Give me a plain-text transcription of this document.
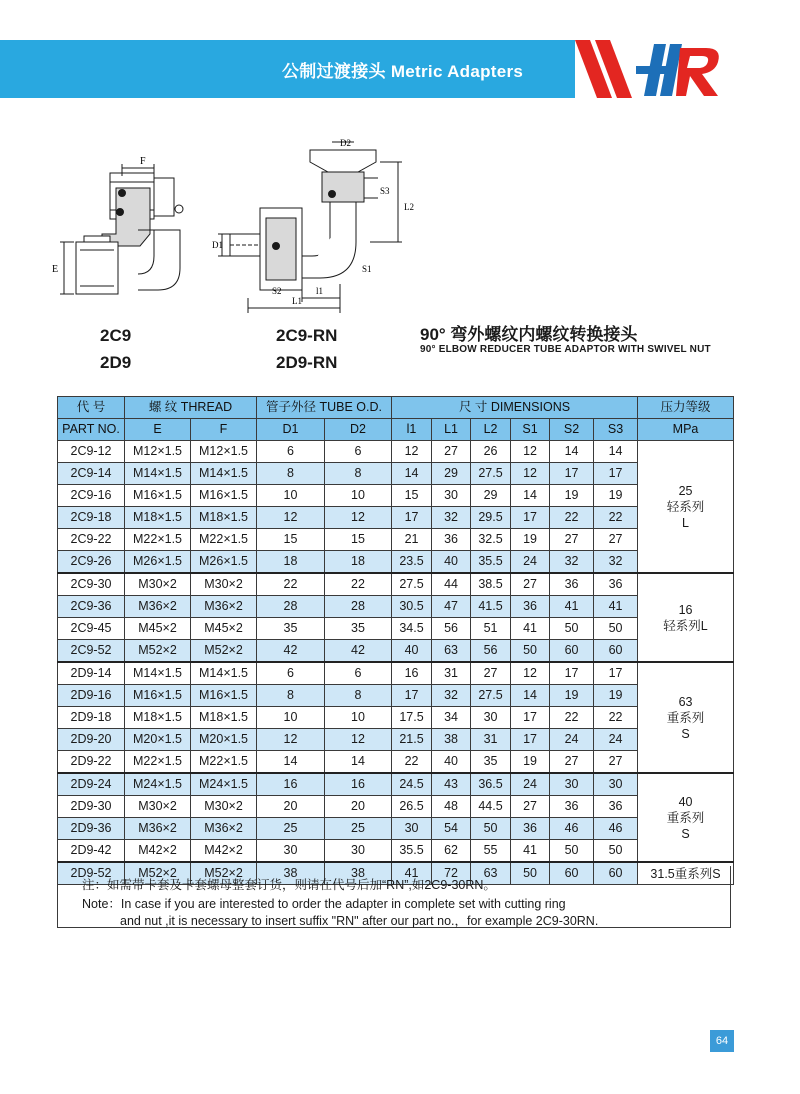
公制过渡接头 Metric Adapters
F
E
D2
S3
L2
D1
S1
l1
S2
L1
2C9
2D9
2C9-RN
2D9-RN
90° 弯外螺纹内螺纹转换接头
90° ELBOW REDUCER TUBE ADAPTOR WITH SWIVEL NUT
代 号	螺 纹 THREAD		管子外径 TUBE O.D.		尺 寸 DIMENSIONS						压力等级
PART NO.	E	F	D1	D2	l1	L1	L2	S1	S2	S3	MPa
2C9-12	M12×1.5	M12×1.5	6	6	12	27	26	12	14	14	25
轻系列
L

2C9-14	M14×1.5	M14×1.5	8	8	14	29	27.5	12	17	17	
2C9-16	M16×1.5	M16×1.5	10	10	15	30	29	14	19	19	
2C9-18	M18×1.5	M18×1.5	12	12	17	32	29.5	17	22	22	
2C9-22	M22×1.5	M22×1.5	15	15	21	36	32.5	19	27	27	
2C9-26	M26×1.5	M26×1.5	18	18	23.5	40	35.5	24	32	32	
2C9-30	M30×2	M30×2	22	22	27.5	44	38.5	27	36	36	16
轻系列L

2C9-36	M36×2	M36×2	28	28	30.5	47	41.5	36	41	41	
2C9-45	M45×2	M45×2	35	35	34.5	56	51	41	50	50	
2C9-52	M52×2	M52×2	42	42	40	63	56	50	60	60	
2D9-14	M14×1.5	M14×1.5	6	6	16	31	27	12	17	17	63
重系列
S

2D9-16	M16×1.5	M16×1.5	8	8	17	32	27.5	14	19	19	
2D9-18	M18×1.5	M18×1.5	10	10	17.5	34	30	17	22	22	
2D9-20	M20×1.5	M20×1.5	12	12	21.5	38	31	17	24	24	
2D9-22	M22×1.5	M22×1.5	14	14	22	40	35	19	27	27	
2D9-24	M24×1.5	M24×1.5	16	16	24.5	43	36.5	24	30	30	40
重系列
S

2D9-30	M30×2	M30×2	20	20	26.5	48	44.5	27	36	36	
2D9-36	M36×2	M36×2	25	25	30	54	50	36	46	46	
2D9-42	M42×2	M42×2	30	30	35.5	62	55	41	50	50	
2D9-52	M52×2	M52×2	38	38	41	72	63	50	60	60	31.5重系列S
注：如需带卡套及卡套螺母整套订货，则请在代号后加“RN”,如2C9-30RN。
Note：In case if you are interested to order the adapter in complete set with cutting ring
and nut ,it is necessary to insert suffix "RN" after our part no.，for example 2C9-30RN.
64
